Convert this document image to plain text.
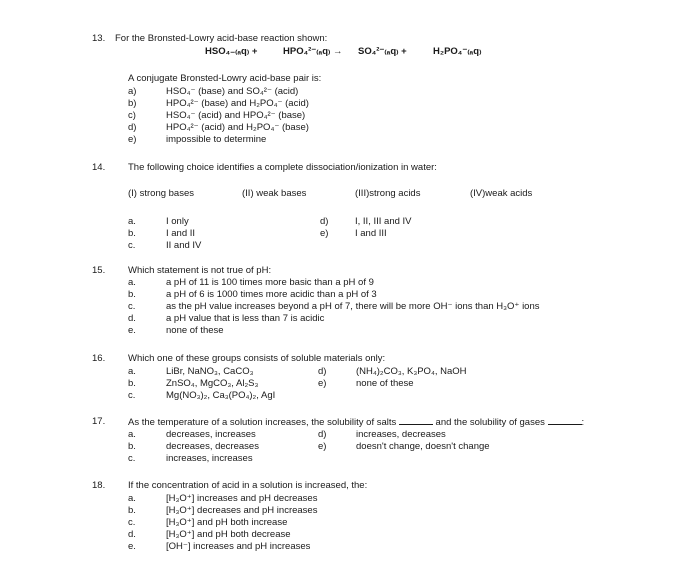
13. For the Bronsted-Lowry acid-base reaction shown:
HSO₄₋₍ₐq₎ +	HPO₄²⁻₍ₐq₎ → SO₄²⁻₍ₐq₎ +	H₂PO₄⁻₍ₐq₎
A conjugate Bronsted-Lowry acid-base pair is:
a)	HSO₄⁻ (base) and SO₄²⁻ (acid)
b)	HPO₄²⁻ (base) and H₂PO₄⁻ (acid)
c)	HSO₄⁻ (acid) and HPO₄²⁻ (base)
d)	HPO₄²⁻ (acid) and H₂PO₄⁻ (base)
e)	impossible to determine
14. The following choice identifies a complete dissociation/ionization in water:
(I) strong bases	(II) weak bases	(III)strong acids	(IV)weak acids
a.	I only
b.	I and II
c.	II and IV
d)	I, II, III and IV
e)	I and III
15. Which statement is not true of pH:
a.	a pH of 11 is 100 times more basic than a pH of 9
b.	a pH of 6 is 1000 times more acidic than a pH of 3
c.	as the pH value increases beyond a pH of 7, there will be more OH⁻ ions than H₃O⁺ ions
d.	a pH value that is less than 7 is acidic
e.	none of these
16. Which one of these groups consists of soluble materials only:
a.	LiBr, NaNO₃, CaCO₃
b.	ZnSO₄, MgCO₃, Al₂S₃
c.	Mg(NO₃)₂, Ca₃(PO₄)₂, AgI
d)	(NH₄)₂CO₃, K₃PO₄, NaOH
e)	none of these
17. As the temperature of a solution increases, the solubility of salts	and the solubility of gases	:
a.	decreases, increases
b.	decreases, decreases
c.	increases, increases
d)	increases, decreases
e)	doesn't change, doesn't change
18. If the concentration of acid in a solution is increased, the:
a.	[H₃O⁺] increases and pH decreases
b.	[H₃O⁺] decreases and pH increases
c.	[H₃O⁺] and pH both increase
d.	[H₃O⁺] and pH both decrease
e.	[OH⁻] increases and pH increases
